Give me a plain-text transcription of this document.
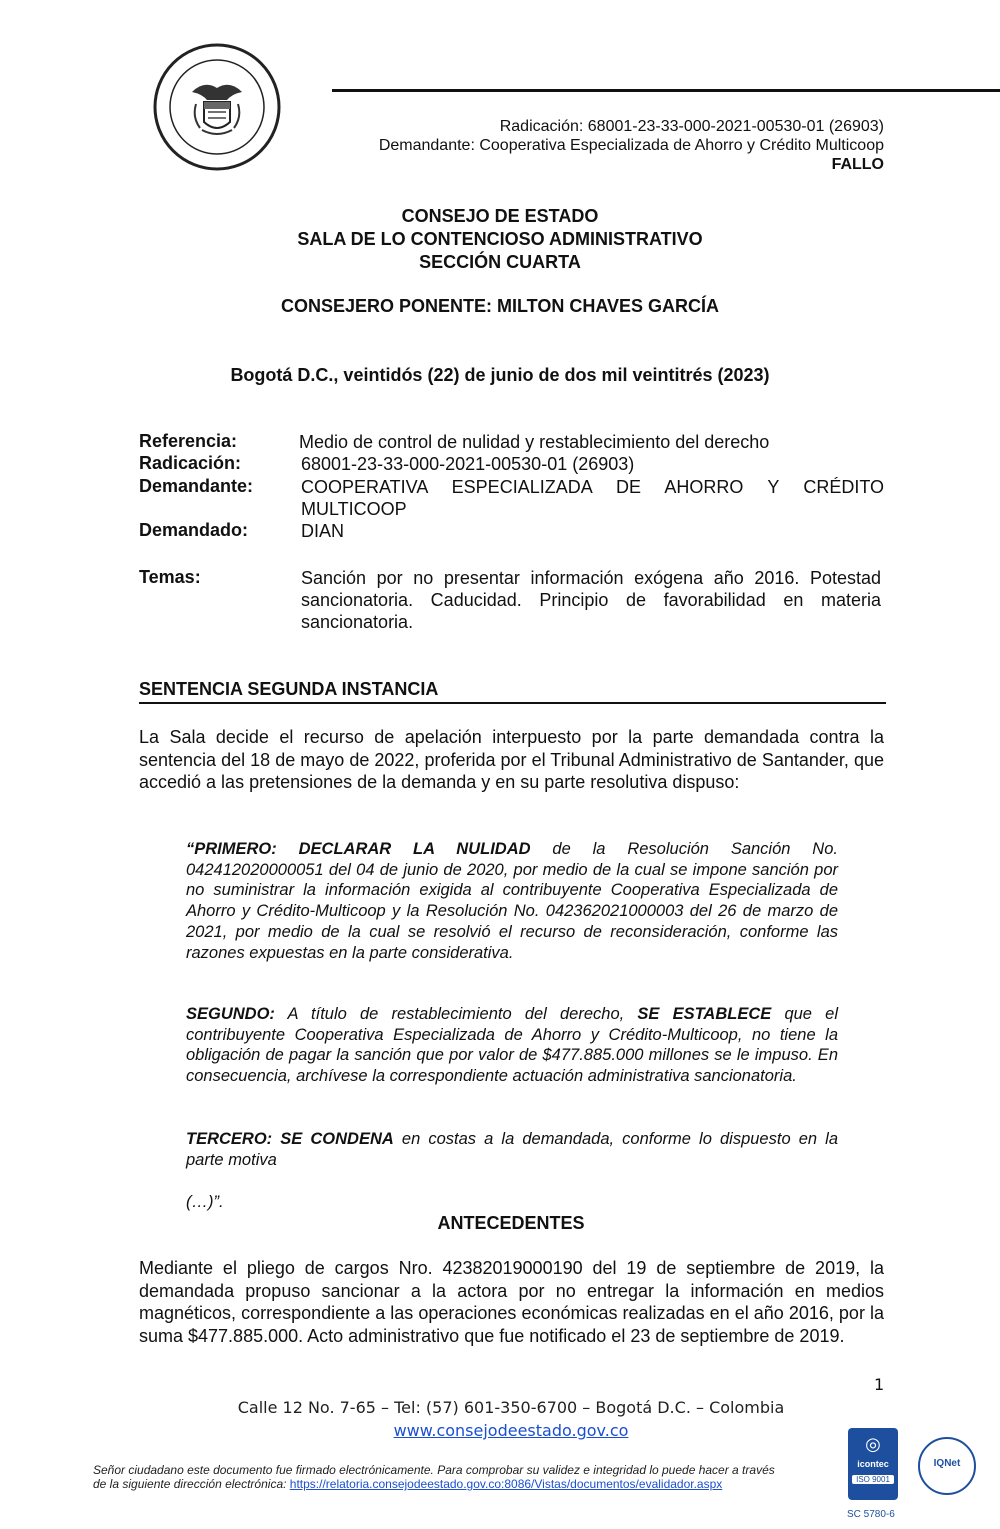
Radicación: 68001-23-33-000-2021-00530-01 (26903)
Demandante: Cooperativa Especializada de Ahorro y Crédito Multicoop
FALLO
CONSEJO DE ESTADO
SALA DE LO CONTENCIOSO ADMINISTRATIVO
SECCIÓN CUARTA
CONSEJERO PONENTE: MILTON CHAVES GARCÍA
Bogotá D.C., veintidós (22) de junio de dos mil veintitrés (2023)
Referencia:	Medio de control de nulidad y restablecimiento del derecho
Radicación:	68001-23-33-000-2021-00530-01 (26903)
Demandante:	COOPERATIVA ESPECIALIZADA DE AHORRO Y CRÉDITO MULTICOOP
Demandado:	DIAN
Temas:	Sanción por no presentar información exógena año 2016. Potestad sancionatoria. Caducidad. Principio de favorabilidad en materia sancionatoria.
SENTENCIA SEGUNDA INSTANCIA
La Sala decide el recurso de apelación interpuesto por la parte demandada contra la sentencia del 18 de mayo de 2022, proferida por el Tribunal Administrativo de Santander, que accedió a las pretensiones de la demanda y en su parte resolutiva dispuso:
“PRIMERO: DECLARAR LA NULIDAD de la Resolución Sanción No. 042412020000051 del 04 de junio de 2020, por medio de la cual se impone sanción por no suministrar la información exigida al contribuyente Cooperativa Especializada de Ahorro y Crédito-Multicoop y la Resolución No. 042362021000003 del 26 de marzo de 2021, por medio de la cual se resolvió el recurso de reconsideración, conforme las razones expuestas en la parte considerativa.
SEGUNDO: A título de restablecimiento del derecho, SE ESTABLECE que el contribuyente Cooperativa Especializada de Ahorro y Crédito-Multicoop, no tiene la obligación de pagar la sanción que por valor de $477.885.000 millones se le impuso. En consecuencia, archívese la correspondiente actuación administrativa sancionatoria.
TERCERO: SE CONDENA en costas a la demandada, conforme lo dispuesto en la parte motiva
(…)”.
ANTECEDENTES
Mediante el pliego de cargos Nro. 42382019000190 del 19 de septiembre de 2019, la demandada propuso sancionar a la actora por no entregar la información en medios magnéticos, correspondiente a las operaciones económicas realizadas en el año 2016, por la suma $477.885.000. Acto administrativo que fue notificado el 23 de septiembre de 2019.
1
Calle 12 No. 7-65 – Tel: (57) 601-350-6700 – Bogotá D.C. – Colombia
www.consejodeestado.gov.co
Señor ciudadano este documento fue firmado electrónicamente. Para comprobar su validez e integridad lo puede hacer a través
de la siguiente dirección electrónica: https://relatoria.consejodeestado.gov.co:8086/Vistas/documentos/evalidador.aspx
◎
icontec
ISO 9001
IQNet
SC 5780-6
